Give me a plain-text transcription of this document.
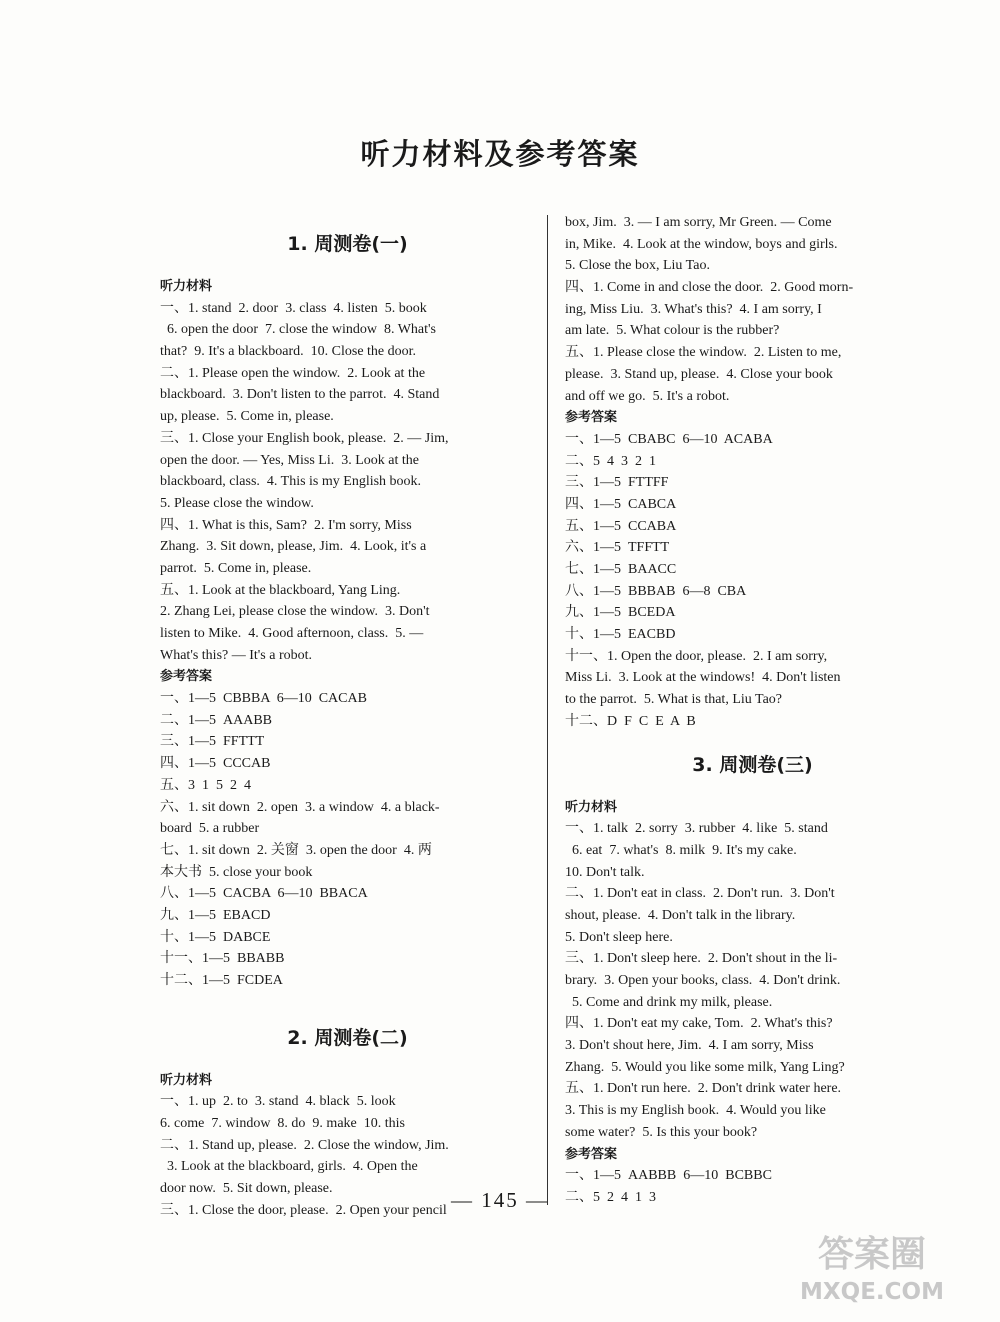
听力材料及参考答案
1. 周测卷(一)
听力材料
一、1. stand  2. door  3. class  4. listen  5. book
6. open the door  7. close the window  8. What's
that?  9. It's a blackboard.  10. Close the door.
二、1. Please open the window.  2. Look at the
blackboard.  3. Don't listen to the parrot.  4. Stand
up, please.  5. Come in, please.
三、1. Close your English book, please.  2. — Jim,
open the door. — Yes, Miss Li.  3. Look at the
blackboard, class.  4. This is my English book.
5. Please close the window.
四、1. What is this, Sam?  2. I'm sorry, Miss
Zhang.  3. Sit down, please, Jim.  4. Look, it's a
parrot.  5. Come in, please.
五、1. Look at the blackboard, Yang Ling.
2. Zhang Lei, please close the window.  3. Don't
listen to Mike.  4. Good afternoon, class.  5. —
What's this? — It's a robot.
参考答案
一、1—5  CBBBA  6—10  CACAB
二、1—5  AAABB
三、1—5  FFTTT
四、1—5  CCCAB
五、3  1  5  2  4
六、1. sit down  2. open  3. a window  4. a black-
board  5. a rubber
七、1. sit down  2. 关窗  3. open the door  4. 两
本大书  5. close your book
八、1—5  CACBA  6—10  BBACA
九、1—5  EBACD
十、1—5  DABCE
十一、1—5  BBABB
十二、1—5  FCDEA
2. 周测卷(二)
听力材料
一、1. up  2. to  3. stand  4. black  5. look
6. come  7. window  8. do  9. make  10. this
二、1. Stand up, please.  2. Close the window, Jim.
3. Look at the blackboard, girls.  4. Open the
door now.  5. Sit down, please.
三、1. Close the door, please.  2. Open your pencil
box, Jim.  3. — I am sorry, Mr Green. — Come
in, Mike.  4. Look at the window, boys and girls.
5. Close the box, Liu Tao.
四、1. Come in and close the door.  2. Good morn-
ing, Miss Liu.  3. What's this?  4. I am sorry, I
am late.  5. What colour is the rubber?
五、1. Please close the window.  2. Listen to me,
please.  3. Stand up, please.  4. Close your book
and off we go.  5. It's a robot.
参考答案
一、1—5  CBABC  6—10  ACABA
二、5  4  3  2  1
三、1—5  FTTFF
四、1—5  CABCA
五、1—5  CCABA
六、1—5  TFFTT
七、1—5  BAACC
八、1—5  BBBAB  6—8  CBA
九、1—5  BCEDA
十、1—5  EACBD
十一、1. Open the door, please.  2. I am sorry,
Miss Li.  3. Look at the windows!  4. Don't listen
to the parrot.  5. What is that, Liu Tao?
十二、D  F  C  E  A  B
3. 周测卷(三)
听力材料
一、1. talk  2. sorry  3. rubber  4. like  5. stand
6. eat  7. what's  8. milk  9. It's my cake.
10. Don't talk.
二、1. Don't eat in class.  2. Don't run.  3. Don't
shout, please.  4. Don't talk in the library.
5. Don't sleep here.
三、1. Don't sleep here.  2. Don't shout in the li-
brary.  3. Open your books, class.  4. Don't drink.
5. Come and drink my milk, please.
四、1. Don't eat my cake, Tom.  2. What's this?
3. Don't shout here, Jim.  4. I am sorry, Miss
Zhang.  5. Would you like some milk, Yang Ling?
五、1. Don't run here.  2. Don't drink water here.
3. This is my English book.  4. Would you like
some water?  5. Is this your book?
参考答案
一、1—5  AABBB  6—10  BCBBC
二、5  2  4  1  3
— 145 —
答案圈
MXQE.COM
